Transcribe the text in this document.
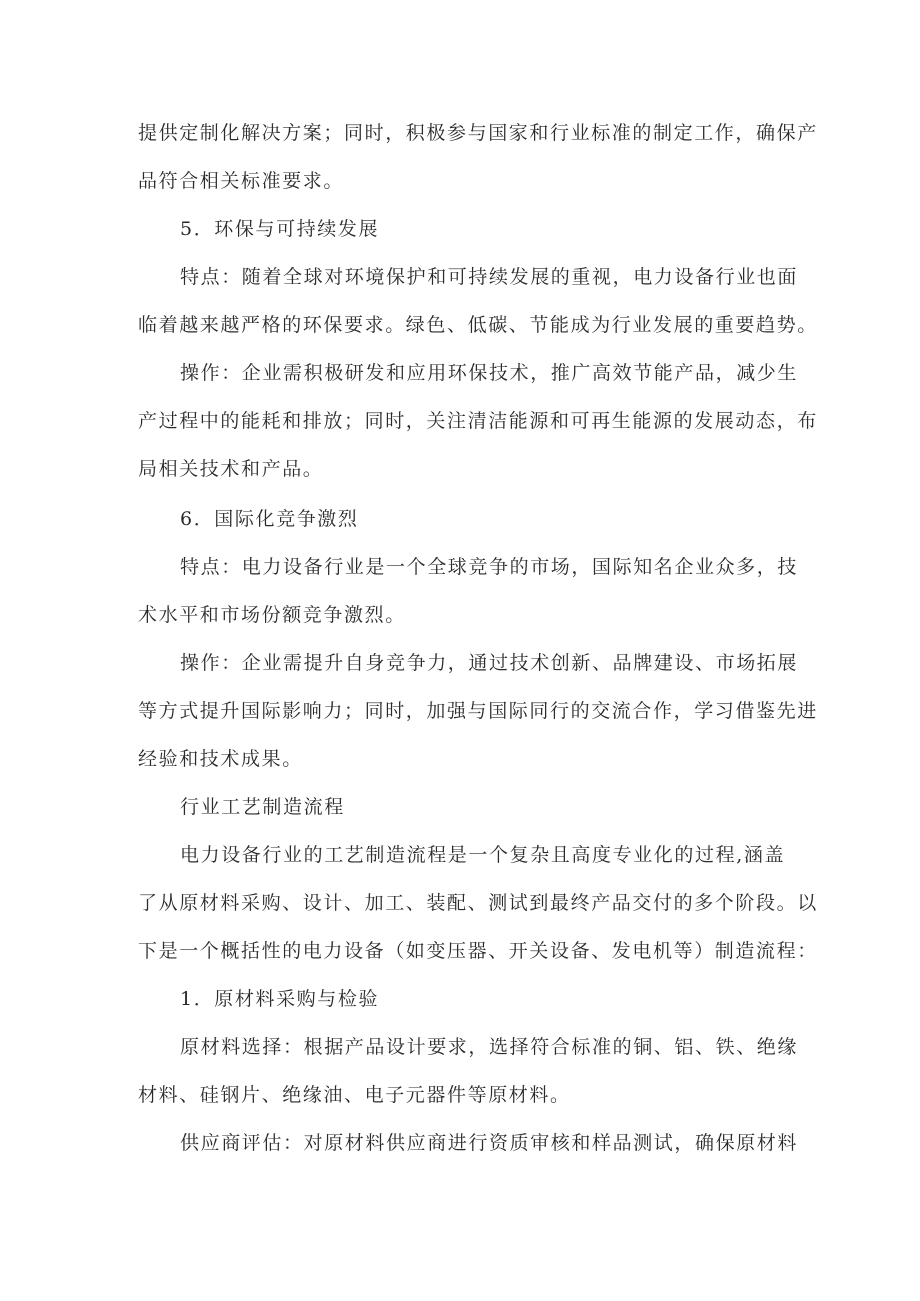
提供定制化解决方案；同时，积极参与国家和行业标准的制定工作，确保产
品符合相关标准要求。
5．环保与可持续发展
特点：随着全球对环境保护和可持续发展的重视，电力设备行业也面
临着越来越严格的环保要求。绿色、低碳、节能成为行业发展的重要趋势。
操作：企业需积极研发和应用环保技术，推广高效节能产品，减少生
产过程中的能耗和排放；同时，关注清洁能源和可再生能源的发展动态，布
局相关技术和产品。
6．国际化竞争激烈
特点：电力设备行业是一个全球竞争的市场，国际知名企业众多，技
术水平和市场份额竞争激烈。
操作：企业需提升自身竞争力，通过技术创新、品牌建设、市场拓展
等方式提升国际影响力；同时，加强与国际同行的交流合作，学习借鉴先进
经验和技术成果。
行业工艺制造流程
电力设备行业的工艺制造流程是一个复杂且高度专业化的过程,涵盖
了从原材料采购、设计、加工、装配、测试到最终产品交付的多个阶段。以
下是一个概括性的电力设备（如变压器、开关设备、发电机等）制造流程：
1．原材料采购与检验
原材料选择：根据产品设计要求，选择符合标准的铜、铝、铁、绝缘
材料、硅钢片、绝缘油、电子元器件等原材料。
供应商评估：对原材料供应商进行资质审核和样品测试，确保原材料
